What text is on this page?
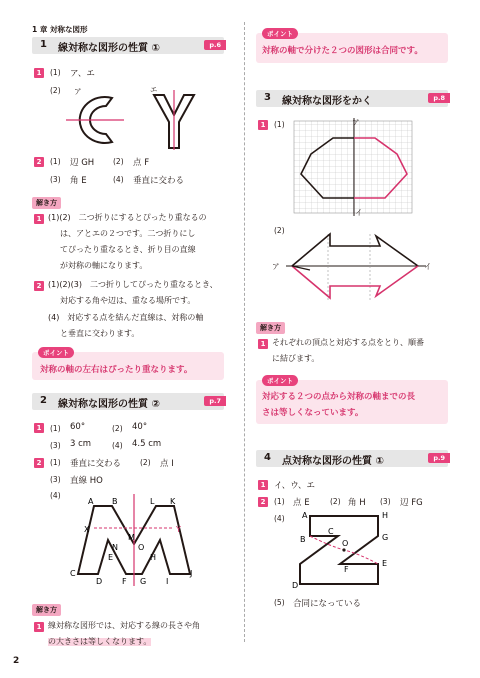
1 章 対称な図形
1 線対称な図形の性質 ①	p.6
1	(1) ア、エ
(2) ア	エ
2	(1) 辺 GH	(2) 点 F
(3) 角 E	(4) 垂直に交わる
解き方
1 (1)(2)　二つ折りにするとぴったり重なるの
は、アとエの２つです。二つ折りにし
てぴったり重なるとき、折り目の直線
が対称の軸になります。
2 (1)(2)(3)　二つ折りしてぴったり重なるとき、
対応する角や辺は、重なる場所です。
(4)　対応する点を結んだ直線は、対称の軸
と垂直に交わります。
ポイント
対称の軸の左右はぴったり重なります。
2 線対称な図形の性質 ②	p.7
1	(1) 60°	(2) 40°
(3) 3 cm	(4) 4.5 cm
2	(1) 垂直に交わる	(2) 点 I
(3) 直線 HO
(4)
A B	L K
X	Y
M
N	O
C
D
E
F G
H
I
J
解き方
1 線対称な図形では、対応する線の長さや角
の大きさは等しくなります。
2
ポイント
対称の軸で分けた２つの図形は合同です。
3 線対称な図形をかく	p.8
1	(1)	ア
イ
(2)
ア	イ
解き方
1 それぞれの頂点と対応する点をとり、順番
に結びます。
ポイント
対応する２つの点から対称の軸までの長
さは等しくなっています。
4 点対称な図形の性質 ①	p.9
1	イ、ウ、エ
2	(1) 点 E	(2) 角 H (3) 辺 FG
(4) A	H
G
B
C
O
F
E
D
(5) 合同になっている
